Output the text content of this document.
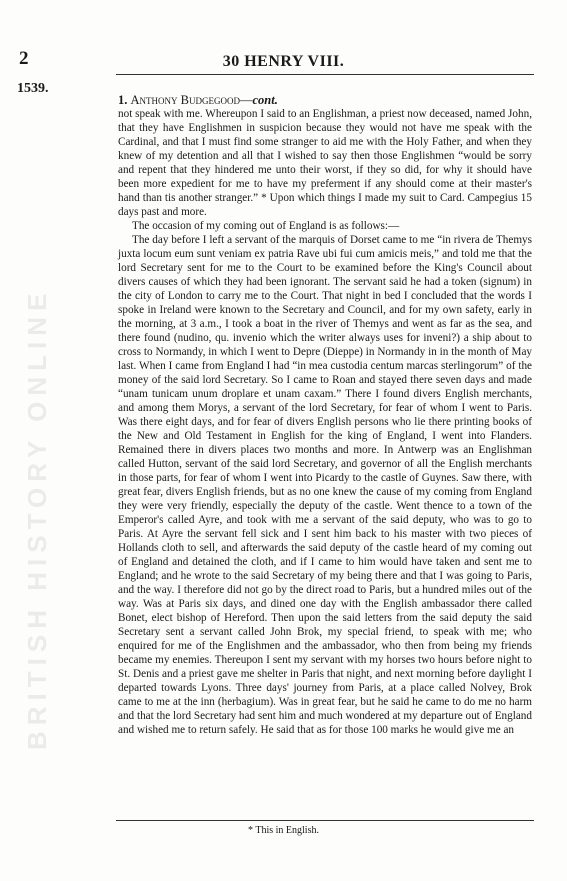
BRITISH HISTORY ONLINE
2	30 HENRY VIII.
1539.
1. Anthony Budgegood—cont.

not speak with me. Whereupon I said to an Englishman, a priest now deceased, named John, that they have Englishmen in suspicion because they would not have me speak with the Cardinal, and that I must find some stranger to aid me with the Holy Father, and when they knew of my detention and all that I wished to say then those Englishmen “would be sorry and repent that they hindered me unto their worst, if they so did, for why it should have been more expedient for me to have my preferment if any should come at their master's hand than tis another stranger.” * Upon which things I made my suit to Card. Campegius 15 days past and more.

The occasion of my coming out of England is as follows:—

The day before I left a servant of the marquis of Dorset came to me “in rivera de Themys juxta locum eum sunt veniam ex patria Rave ubi fui cum amicis meis,” and told me that the lord Secretary sent for me to the Court to be examined before the King's Council about divers causes of which they had been ignorant. The servant said he had a token (signum) in the city of London to carry me to the Court. That night in bed I concluded that the words I spoke in Ireland were known to the Secretary and Council, and for my own safety, early in the morning, at 3 a.m., I took a boat in the river of Themys and went as far as the sea, and there found (nudino, qu. invenio which the writer always uses for inveni?) a ship about to cross to Normandy, in which I went to Depre (Dieppe) in Normandy in in the month of May last. When I came from England I had “in mea custodia centum marcas sterlingorum” of the money of the said lord Secretary. So I came to Roan and stayed there seven days and made “unam tunicam unum droplare et unam caxam.” There I found divers English merchants, and among them Morys, a servant of the lord Secretary, for fear of whom I went to Paris. Was there eight days, and for fear of divers English persons who lie there printing books of the New and Old Testament in English for the king of England, I went into Flanders. Remained there in divers places two months and more. In Antwerp was an Englishman called Hutton, servant of the said lord Secretary, and governor of all the English merchants in those parts, for fear of whom I went into Picardy to the castle of Guynes. Saw there, with great fear, divers English friends, but as no one knew the cause of my coming from England they were very friendly, especially the deputy of the castle. Went thence to a town of the Emperor's called Ayre, and took with me a servant of the said deputy, who was to go to Paris. At Ayre the servant fell sick and I sent him back to his master with two pieces of Hollands cloth to sell, and afterwards the said deputy of the castle heard of my coming out of England and detained the cloth, and if I came to him would have taken and sent me to England; and he wrote to the said Secretary of my being there and that I was going to Paris, and the way. I therefore did not go by the direct road to Paris, but a hundred miles out of the way. Was at Paris six days, and dined one day with the English ambassador there called Bonet, elect bishop of Hereford. Then upon the said letters from the said deputy the said Secretary sent a servant called John Brok, my special friend, to speak with me; who enquired for me of the Englishmen and the ambassador, who then from being my friends became my enemies. Thereupon I sent my servant with my horses two hours before night to St. Denis and a priest gave me shelter in Paris that night, and next morning before daylight I departed towards Lyons. Three days' journey from Paris, at a place called Nolvey, Brok came to me at the inn (herbagium). Was in great fear, but he said he came to do me no harm and that the lord Secretary had sent him and much wondered at my departure out of England and wished me to return safely. He said that as for those 100 marks he would give me an

* This in English.
